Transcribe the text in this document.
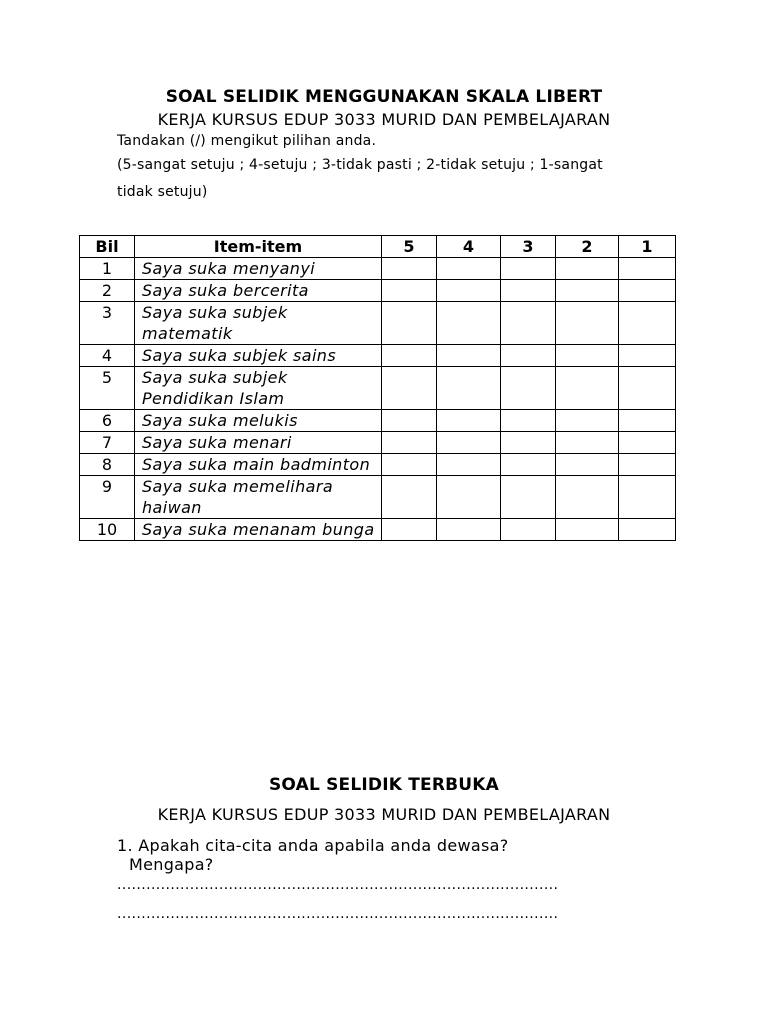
SOAL SELIDIK MENGGUNAKAN SKALA LIBERT
KERJA KURSUS EDUP 3033 MURID DAN PEMBELAJARAN
Tandakan (/) mengikut pilihan anda.
(5-sangat setuju ; 4-setuju ; 3-tidak pasti ; 2-tidak setuju ; 1-sangat
tidak setuju)
Bil	Item-item	5	4	3	2	1
1	Saya suka menyanyi					
2	Saya suka bercerita					
3	Saya suka subjek matematik					
4	Saya suka subjek sains					
5	Saya suka subjek Pendidikan Islam					
6	Saya suka melukis					
7	Saya suka menari					
8	Saya suka main badminton					
9	Saya suka memelihara haiwan					
10	Saya suka menanam bunga					
SOAL SELIDIK TERBUKA
KERJA KURSUS EDUP 3033 MURID DAN PEMBELAJARAN
1. Apakah cita-cita anda apabila anda dewasa?
Mengapa?
...........................................................................................
...........................................................................................
